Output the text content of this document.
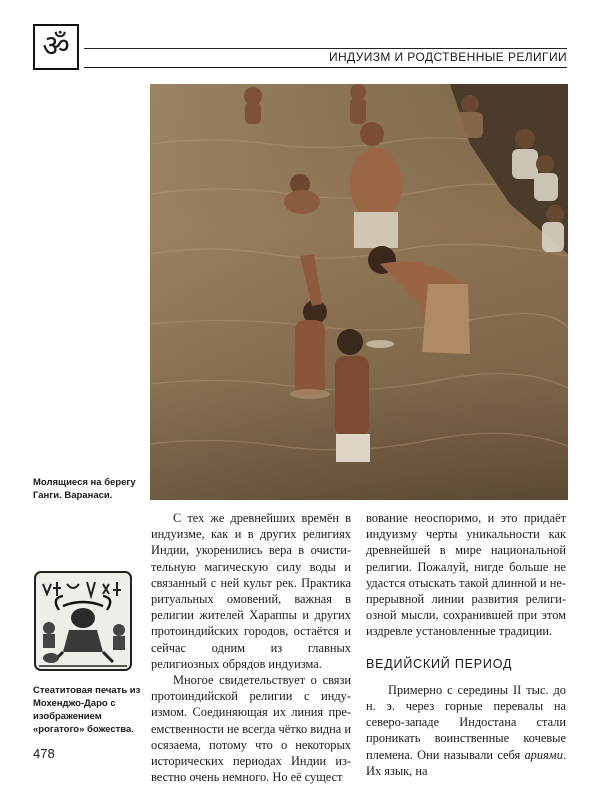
ॐ	ИНДУИЗМ И РОДСТВЕННЫЕ РЕЛИГИИ
Молящиеся на берегу Ганги. Варанаси.
Стеатитовая печать из Мохенджо-Даро с изображением «рогатого» божества.

С тех же древнейших времён в индуизме, как и в других религиях Индии, укоренились вера в очистительную магическую силу воды и связанный с ней культ рек. Практика ритуальных омовений, важная в религии жителей Хараппы и других протоиндийских городов, остаётся и сейчас одним из главных религиозных обрядов индуизма.

Многое свидетельствует о связи протоиндийской религии с индуизмом. Соединяющая их линия преемственности не всегда чётко видна и осязаема, потому что о некоторых исторических периодах Индии известно очень немного. Но её сущест

вование неоспоримо, и это придаёт индуизму черты уникальности как древнейшей в мире национальной религии. Пожалуй, нигде больше не удастся отыскать такой длинной и непрерывной линии развития религиозной мысли, сохранившей при этом издревле установленные традиции.

ВЕДИЙСКИЙ ПЕРИОД

Примерно с середины II тыс. до н. э. через горные перевалы на северо-западе Индостана стали проникать воинственные кочевые племена. Они называли себя ариями. Их язык, на

478
